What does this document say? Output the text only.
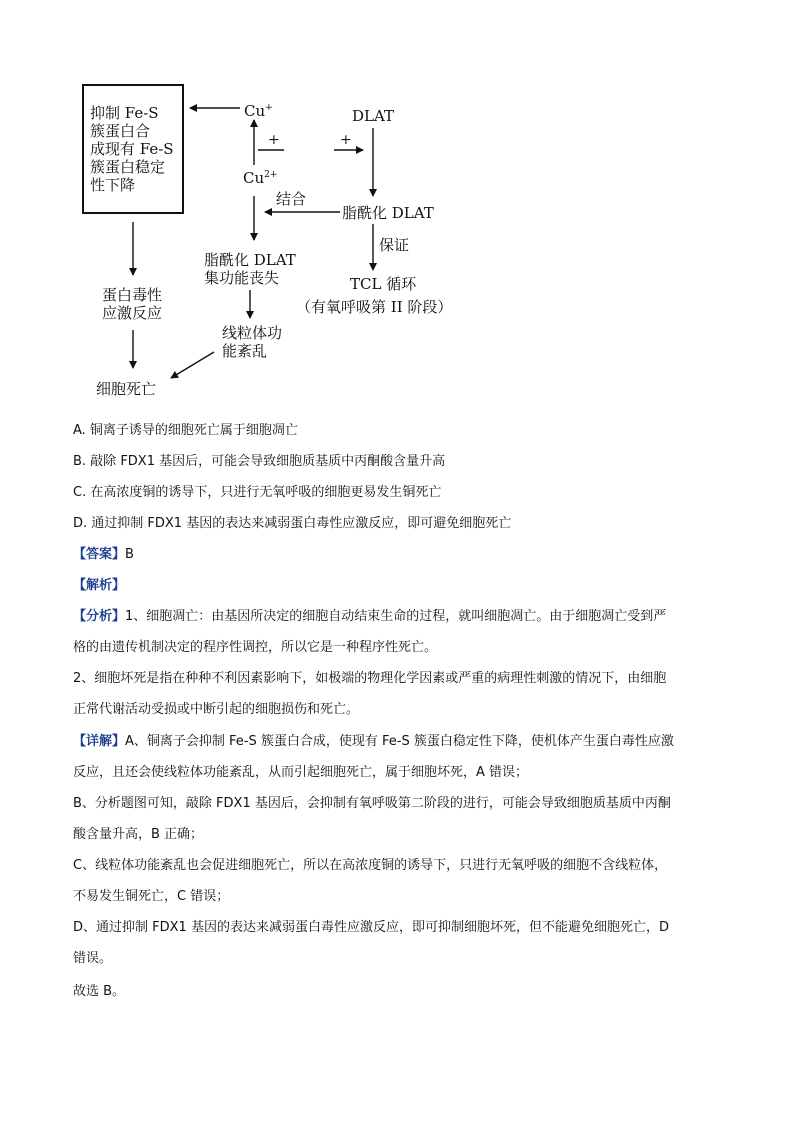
抑制 Fe-S
簇蛋白合
成现有 Fe-S
簇蛋白稳定
性下降
Cu+
$Cu^{2+}$
+	+
DLAT
结合
脂酰化 DLAT
保证
TCL 循环
（有氧呼吸第 II 阶段）
脂酰化 DLAT
集功能丧失
蛋白毒性
应激反应
线粒体功
能紊乱
细胞死亡
A. 铜离子诱导的细胞死亡属于细胞凋亡
B. 敲除 FDX1 基因后，可能会导致细胞质基质中丙酮酸含量升高
C. 在高浓度铜的诱导下，只进行无氧呼吸的细胞更易发生铜死亡
D. 通过抑制 FDX1 基因的表达来减弱蛋白毒性应激反应，即可避免细胞死亡
【答案】B
【解析】
【分析】1、细胞凋亡：由基因所决定的细胞自动结束生命的过程，就叫细胞凋亡。由于细胞凋亡受到严
格的由遗传机制决定的程序性调控，所以它是一种程序性死亡。
2、细胞坏死是指在种种不利因素影响下，如极端的物理化学因素或严重的病理性刺激的情况下，由细胞
正常代谢活动受损或中断引起的细胞损伤和死亡。
【详解】A、铜离子会抑制 Fe-S 簇蛋白合成，使现有 Fe-S 簇蛋白稳定性下降，使机体产生蛋白毒性应激
反应，且还会使线粒体功能紊乱，从而引起细胞死亡，属于细胞坏死，A 错误；
B、分析题图可知，敲除 FDX1 基因后，会抑制有氧呼吸第二阶段的进行，可能会导致细胞质基质中丙酮
酸含量升高，B 正确；
C、线粒体功能紊乱也会促进细胞死亡，所以在高浓度铜的诱导下，只进行无氧呼吸的细胞不含线粒体，
不易发生铜死亡，C 错误；
D、通过抑制 FDX1 基因的表达来减弱蛋白毒性应激反应，即可抑制细胞坏死，但不能避免细胞死亡，D
错误。
故选 B。
